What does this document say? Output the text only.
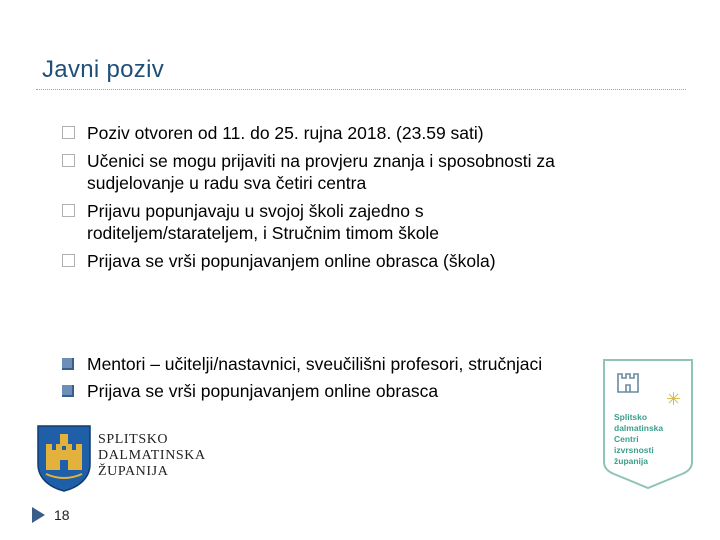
Javni poziv
Poziv otvoren od 11. do 25. rujna 2018. (23.59 sati)
Učenici se mogu prijaviti na provjeru znanja i sposobnosti za
sudjelovanje u radu sva četiri centra
Prijavu popunjavaju u svojoj školi zajedno s
roditeljem/starateljem, i Stručnim timom škole
Prijava se vrši popunjavanjem online obrasca (škola)
Mentori – učitelji/nastavnici, sveučilišni profesori, stručnjaci
Prijava se vrši popunjavanjem online obrasca
SPLITSKO
DALMATINSKA
ŽUPANIJA
18
✳
Splitsko
dalmatinska
Centri
izvrsnosti
županija
